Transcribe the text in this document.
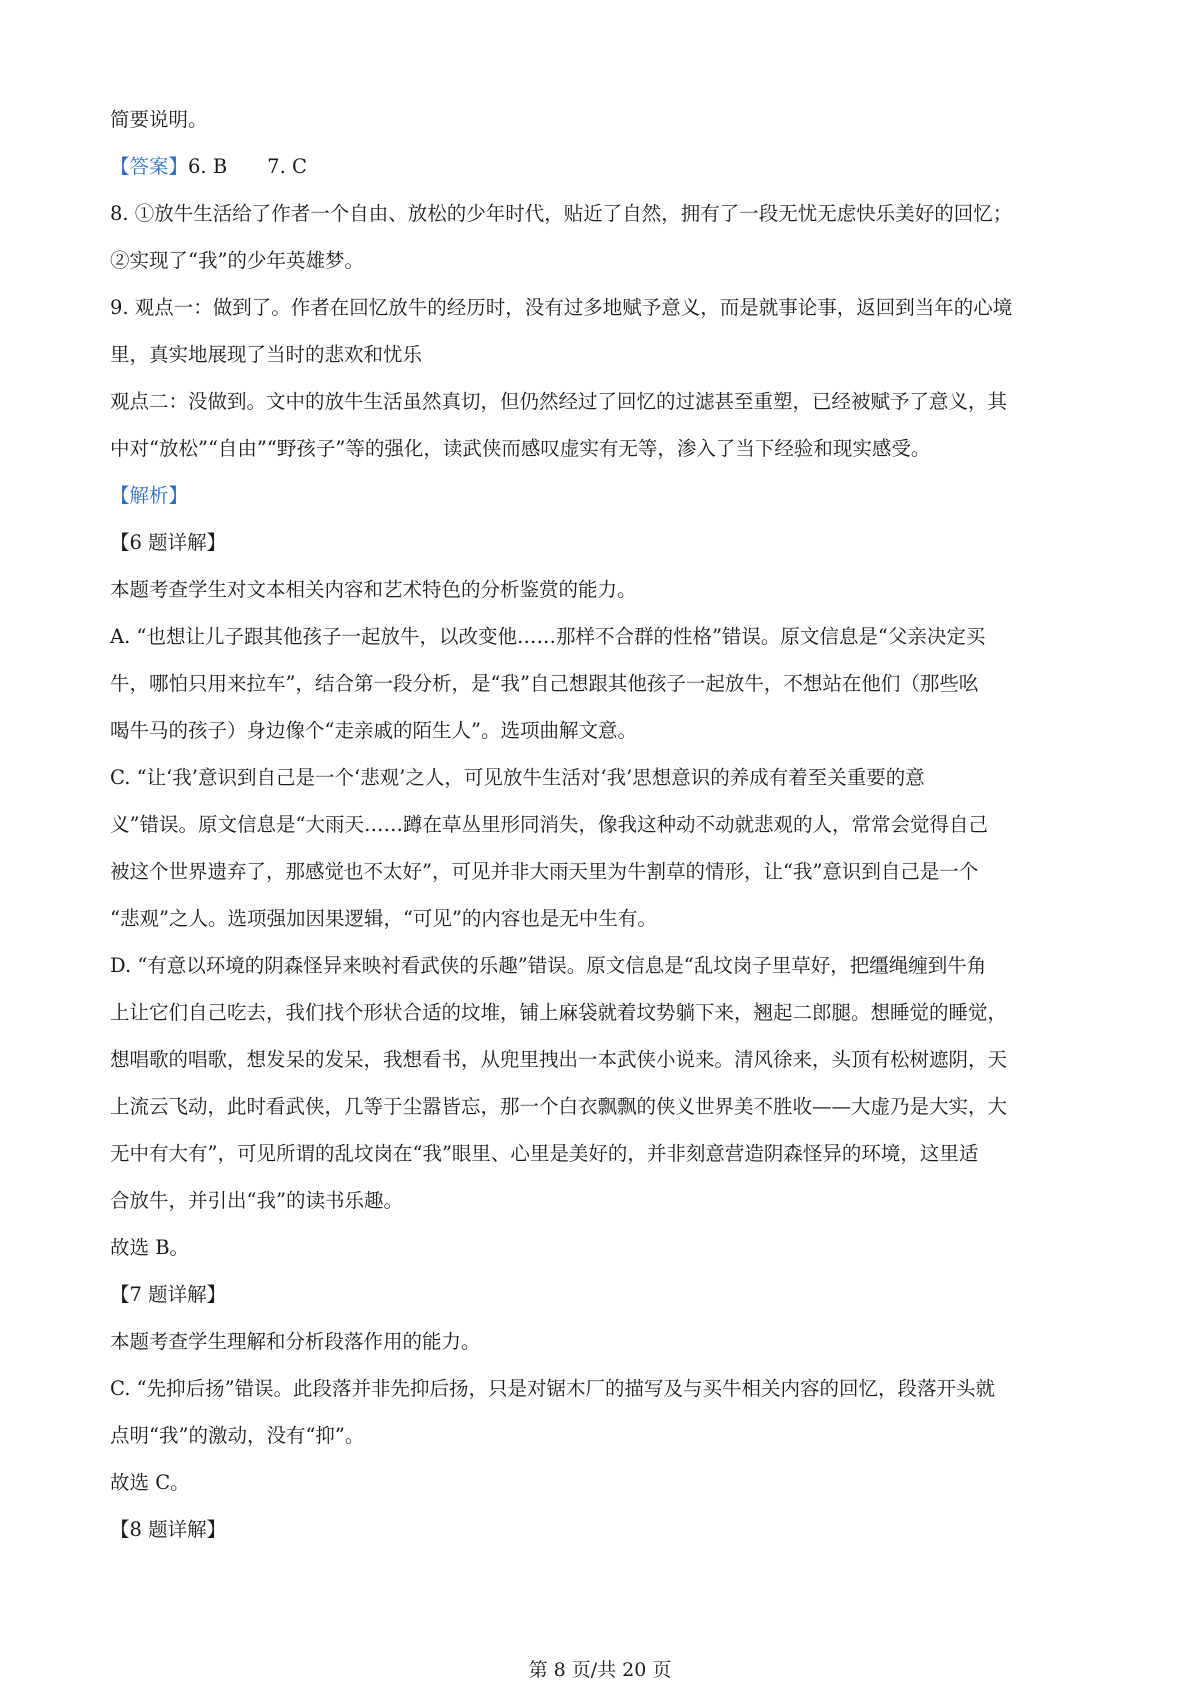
简要说明。
【答案】6. B 7. C
8. ①放牛生活给了作者一个自由、放松的少年时代，贴近了自然，拥有了一段无忧无虑快乐美好的回忆；
②实现了“我”的少年英雄梦。
9. 观点一：做到了。作者在回忆放牛的经历时，没有过多地赋予意义，而是就事论事，返回到当年的心境
里，真实地展现了当时的悲欢和忧乐
观点二：没做到。文中的放牛生活虽然真切，但仍然经过了回忆的过滤甚至重塑，已经被赋予了意义，其
中对“放松”“自由”“野孩子”等的强化，读武侠而感叹虚实有无等，渗入了当下经验和现实感受。
【解析】
【6 题详解】
本题考查学生对文本相关内容和艺术特色的分析鉴赏的能力。
A. “也想让儿子跟其他孩子一起放牛，以改变他……那样不合群的性格”错误。原文信息是“父亲决定买
牛，哪怕只用来拉车”，结合第一段分析，是“我”自己想跟其他孩子一起放牛，不想站在他们（那些吆
喝牛马的孩子）身边像个“走亲戚的陌生人”。选项曲解文意。
C. “让‘我’意识到自己是一个‘悲观’之人，可见放牛生活对‘我’思想意识的养成有着至关重要的意
义”错误。原文信息是“大雨天……蹲在草丛里形同消失，像我这种动不动就悲观的人，常常会觉得自己
被这个世界遗弃了，那感觉也不太好”，可见并非大雨天里为牛割草的情形，让“我”意识到自己是一个
“悲观”之人。选项强加因果逻辑，“可见”的内容也是无中生有。
D. “有意以环境的阴森怪异来映衬看武侠的乐趣”错误。原文信息是“乱坟岗子里草好，把缰绳缠到牛角
上让它们自己吃去，我们找个形状合适的坟堆，铺上麻袋就着坟势躺下来，翘起二郎腿。想睡觉的睡觉，
想唱歌的唱歌，想发呆的发呆，我想看书，从兜里拽出一本武侠小说来。清风徐来，头顶有松树遮阴，天
上流云飞动，此时看武侠，几等于尘嚣皆忘，那一个白衣飘飘的侠义世界美不胜收——大虚乃是大实，大
无中有大有”，可见所谓的乱坟岗在“我”眼里、心里是美好的，并非刻意营造阴森怪异的环境，这里适
合放牛，并引出“我”的读书乐趣。
故选 B。
【7 题详解】
本题考查学生理解和分析段落作用的能力。
C. “先抑后扬”错误。此段落并非先抑后扬，只是对锯木厂的描写及与买牛相关内容的回忆，段落开头就
点明“我”的激动，没有“抑”。
故选 C。
【8 题详解】
第 8 页/共 20 页
